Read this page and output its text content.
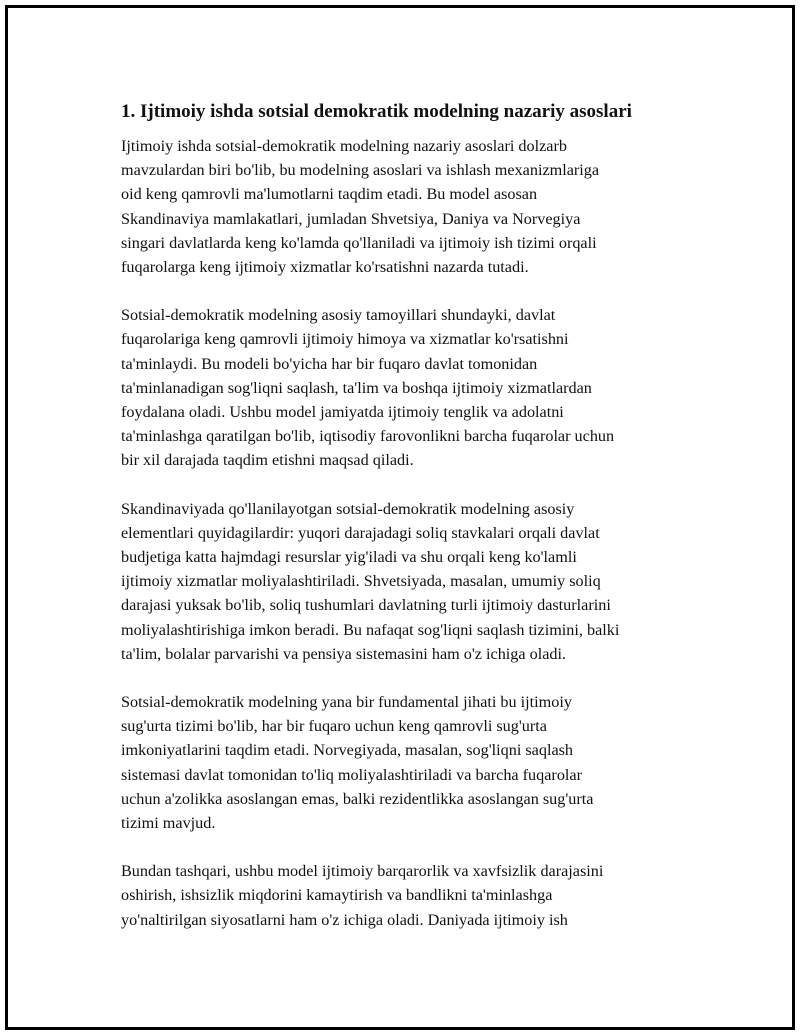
1. Ijtimoiy ishda sotsial demokratik modelning nazariy asoslari
Ijtimoiy ishda sotsial-demokratik modelning nazariy asoslari dolzarb
mavzulardan biri bo'lib, bu modelning asoslari va ishlash mexanizmlariga
oid keng qamrovli ma'lumotlarni taqdim etadi. Bu model asosan
Skandinaviya mamlakatlari, jumladan Shvetsiya, Daniya va Norvegiya
singari davlatlarda keng ko'lamda qo'llaniladi va ijtimoiy ish tizimi orqali
fuqarolarga keng ijtimoiy xizmatlar ko'rsatishni nazarda tutadi.
Sotsial-demokratik modelning asosiy tamoyillari shundayki, davlat
fuqarolariga keng qamrovli ijtimoiy himoya va xizmatlar ko'rsatishni
ta'minlaydi. Bu modeli bo'yicha har bir fuqaro davlat tomonidan
ta'minlanadigan sog'liqni saqlash, ta'lim va boshqa ijtimoiy xizmatlardan
foydalana oladi. Ushbu model jamiyatda ijtimoiy tenglik va adolatni
ta'minlashga qaratilgan bo'lib, iqtisodiy farovonlikni barcha fuqarolar uchun
bir xil darajada taqdim etishni maqsad qiladi.
Skandinaviyada qo'llanilayotgan sotsial-demokratik modelning asosiy
elementlari quyidagilardir: yuqori darajadagi soliq stavkalari orqali davlat
budjetiga katta hajmdagi resurslar yig'iladi va shu orqali keng ko'lamli
ijtimoiy xizmatlar moliyalashtiriladi. Shvetsiyada, masalan, umumiy soliq
darajasi yuksak bo'lib, soliq tushumlari davlatning turli ijtimoiy dasturlarini
moliyalashtirishiga imkon beradi. Bu nafaqat sog'liqni saqlash tizimini, balki
ta'lim, bolalar parvarishi va pensiya sistemasini ham o'z ichiga oladi.
Sotsial-demokratik modelning yana bir fundamental jihati bu ijtimoiy
sug'urta tizimi bo'lib, har bir fuqaro uchun keng qamrovli sug'urta
imkoniyatlarini taqdim etadi. Norvegiyada, masalan, sog'liqni saqlash
sistemasi davlat tomonidan to'liq moliyalashtiriladi va barcha fuqarolar
uchun a'zolikka asoslangan emas, balki rezidentlikka asoslangan sug'urta
tizimi mavjud.
Bundan tashqari, ushbu model ijtimoiy barqarorlik va xavfsizlik darajasini
oshirish, ishsizlik miqdorini kamaytirish va bandlikni ta'minlashga
yo'naltirilgan siyosatlarni ham o'z ichiga oladi. Daniyada ijtimoiy ish
